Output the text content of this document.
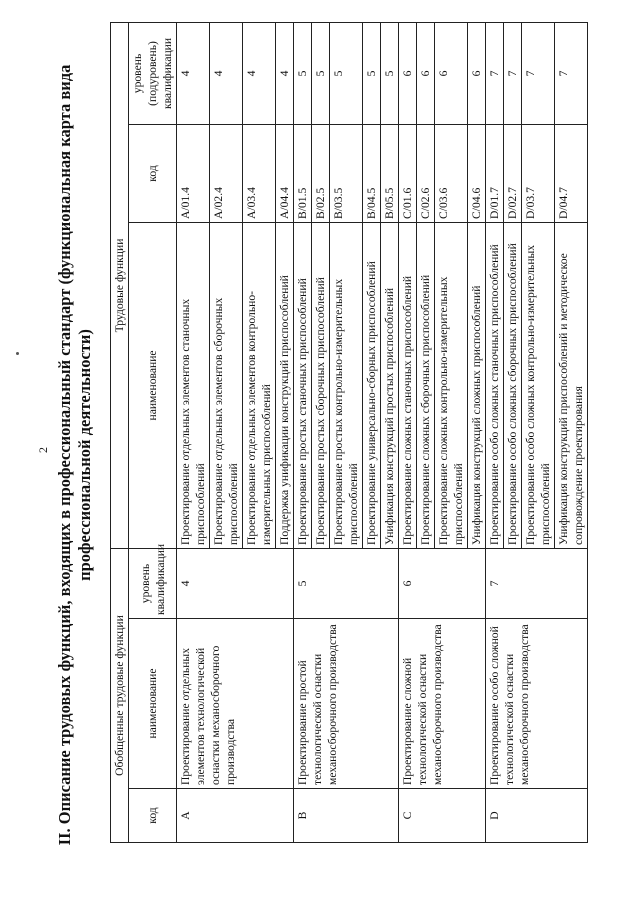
2 II. Описание трудовых функций, входящих в профессиональный стандарт (функциональная карта вида профессиональной деятельности)
Обобщенные трудовые функции			Трудовые функции		
код	наименование	уровень квалификации	наименование	код	уровень (подуровень) квалификации
A	Проектирование отдельных элементов технологической оснастки механосборочного производства	4	Проектирование отдельных элементов станочных приспособлений	A/01.4	4
			Проектирование отдельных элементов сборочных приспособлений	A/02.4	4
			Проектирование отдельных элементов контрольно-измерительных приспособлений	A/03.4	4
			Поддержка унификации конструкций приспособлений	A/04.4	4
B	Проектирование простой технологической оснастки механосборочного производства	5	Проектирование простых станочных приспособлений	B/01.5	5
			Проектирование простых сборочных приспособлений	B/02.5	5
			Проектирование простых контрольно-измерительных приспособлений	B/03.5	5
			Проектирование универсально-сборных приспособлений	B/04.5	5
			Унификация конструкций простых приспособлений	B/05.5	5
C	Проектирование сложной технологической оснастки механосборочного производства	6	Проектирование сложных станочных приспособлений	C/01.6	6
			Проектирование сложных сборочных приспособлений	C/02.6	6
			Проектирование сложных контрольно-измерительных приспособлений	C/03.6	6
			Унификация конструкций сложных приспособлений	C/04.6	6
D	Проектирование особо сложной технологической оснастки механосборочного производства	7	Проектирование особо сложных станочных приспособлений	D/01.7	7
			Проектирование особо сложных сборочных приспособлений	D/02.7	7
			Проектирование особо сложных контрольно-измерительных приспособлений	D/03.7	7
			Унификация конструкций приспособлений и методическое сопровождение проектирования	D/04.7	7
